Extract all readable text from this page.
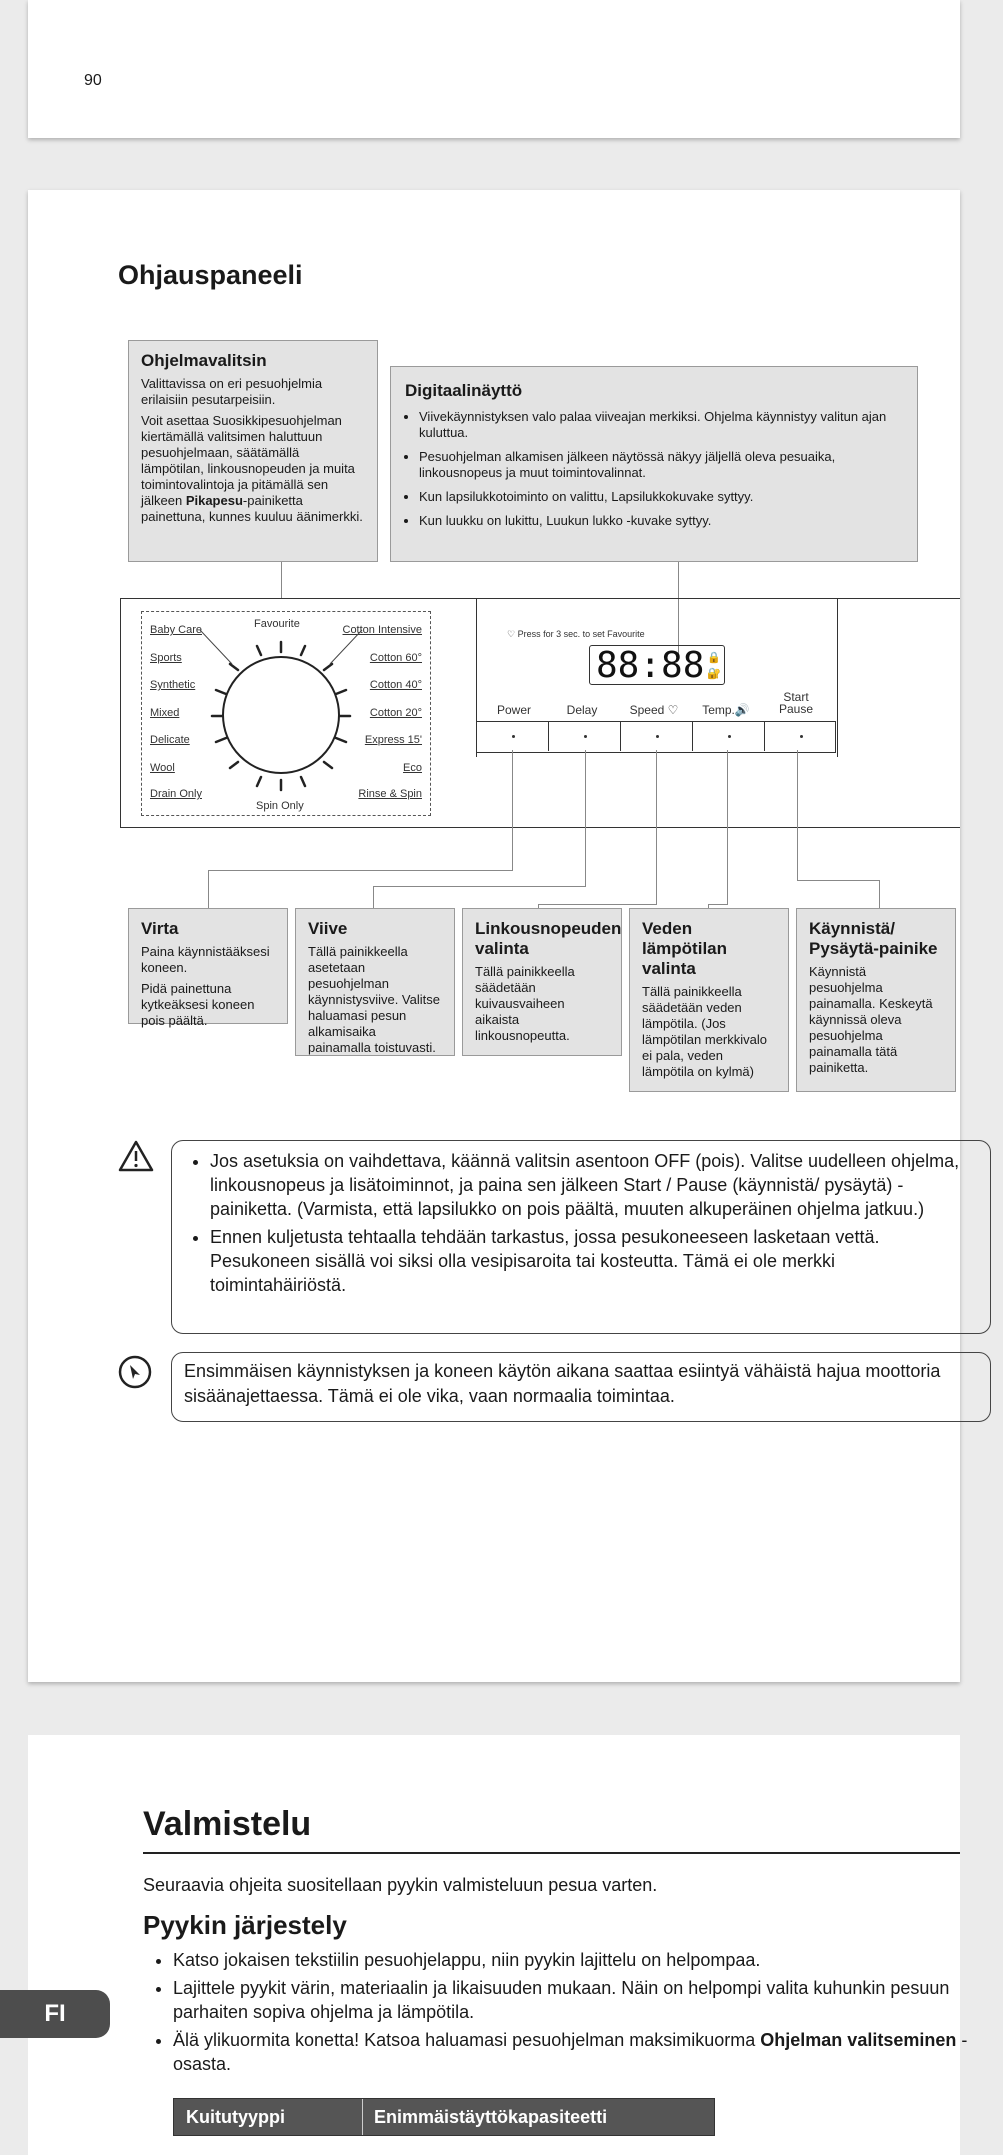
90
Ohjauspaneeli
Ohjelmavalitsin

Valittavissa on eri pesuohjelmia erilaisiin pesutarpeisiin.

Voit asettaa Suosikkipesuohjelman kiertämällä valitsimen haluttuun pesuohjelmaan, säätämällä lämpötilan, linkousnopeuden ja muita toimintovalintoja ja pitämällä sen jälkeen Pikapesu-painiketta painettuna, kunnes kuuluu äänimerkki.

Digitaalinäyttö
• Viivekäynnistyksen valo palaa viiveajan merkiksi. Ohjelma käynnistyy valitun ajan kuluttua.
• Pesuohjelman alkamisen jälkeen näytössä näkyy jäljellä oleva pesuaika, linkousnopeus ja muut toimintovalinnat.
• Kun lapsilukkotoiminto on valittu, Lapsilukkokuvake syttyy.
• Kun luukku on lukittu, Luukun lukko -kuvake syttyy.
Favourite
Spin Only
Baby Care
Sports
Synthetic
Mixed
Delicate
Wool
Drain Only
Cotton Intensive
Cotton 60°
Cotton 40°
Cotton 20°
Express 15'
Eco
Rinse & Spin
♡ Press for 3 sec. to set Favourite
88:88 🔒
🔐
Power	Delay	Speed ♡	Temp.🔊
Start Pause
Virta

Paina käynnistääksesi koneen.

Pidä painettuna kytkeäksesi koneen pois päältä.

Viive

Tällä painikkeella asetetaan pesuohjelman käynnistysviive. Valitse haluamasi pesun alkamisaika painamalla toistuvasti.

Linkousnopeuden valinta

Tällä painikkeella säädetään kuivausvaiheen aikaista linkousnopeutta.

Veden lämpötilan valinta

Tällä painikkeella säädetään veden lämpötila. (Jos lämpötilan merkkivalo ei pala, veden lämpötila on kylmä)

Käynnistä/ Pysäytä-painike

Käynnistä pesuohjelma painamalla. Keskeytä käynnissä oleva pesuohjelma painamalla tätä painiketta.

• Jos asetuksia on vaihdettava, käännä valitsin asentoon OFF (pois). Valitse uudelleen ohjelma, linkousnopeus ja lisätoiminnot, ja paina sen jälkeen Start / Pause (käynnistä/ pysäytä) -painiketta. (Varmista, että lapsilukko on pois päältä, muuten alkuperäinen ohjelma jatkuu.)
• Ennen kuljetusta tehtaalla tehdään tarkastus, jossa pesukoneeseen lasketaan vettä. Pesukoneen sisällä voi siksi olla vesipisaroita tai kosteutta. Tämä ei ole merkki toimintahäiriöstä.
Ensimmäisen käynnistyksen ja koneen käytön aikana saattaa esiintyä vähäistä hajua moottoria sisäänajettaessa. Tämä ei ole vika, vaan normaalia toimintaa.
Valmistelu
Seuraavia ohjeita suositellaan pyykin valmisteluun pesua varten.
Pyykin järjestely
• Katso jokaisen tekstiilin pesuohjelappu, niin pyykin lajittelu on helpompaa.
• Lajittele pyykit värin, materiaalin ja likaisuuden mukaan. Näin on helpompi valita kuhunkin pesuun parhaiten sopiva ohjelma ja lämpötila.
• Älä ylikuormita konetta! Katsoa haluamasi pesuohjelman maksimikuorma Ohjelman valitseminen -osasta.
Kuitutyyppi	Enimmäistäyttökapasiteetti
FI
